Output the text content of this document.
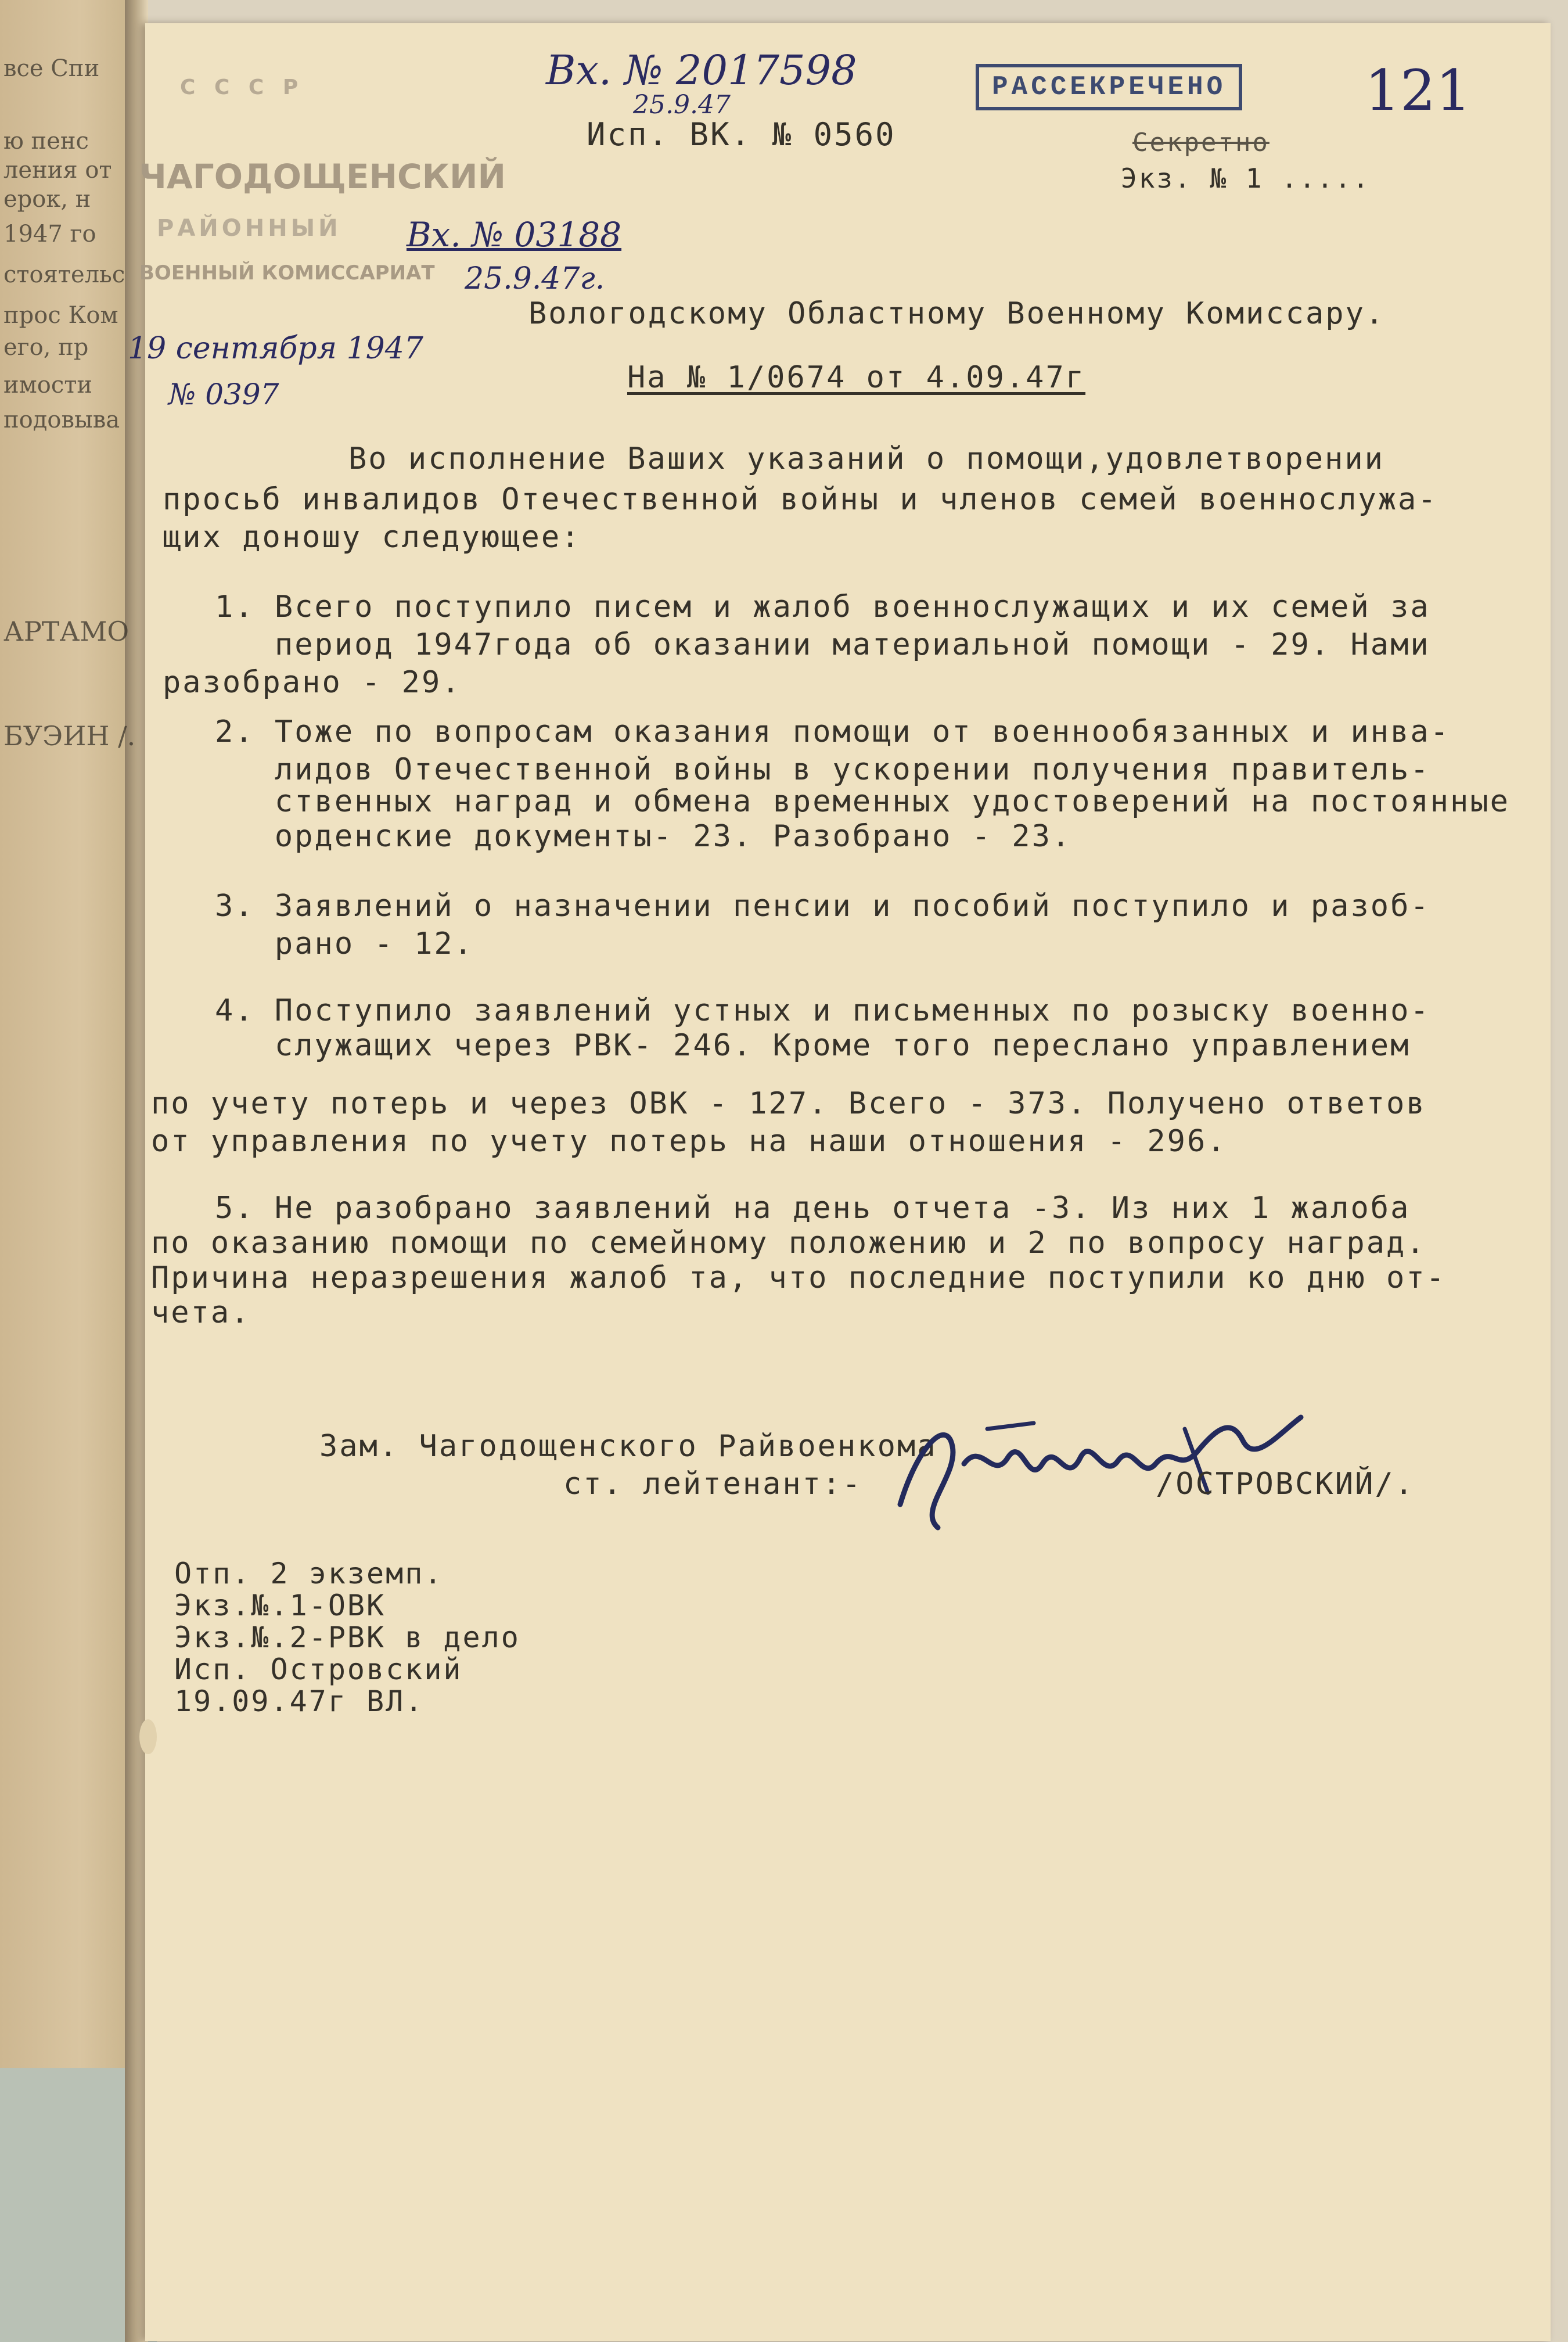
все Спи
ю пенс
ления от
ерок, н
1947 го
стоятельс
прос Ком
его, пр
имости
подовыва
АРТАМО
БУЭИН /.
С С С Р
ЧАГОДОЩЕНСКИЙ
РАЙОННЫЙ
ВОЕННЫЙ КОМИССАРИАТ
19 сентября 1947
№ 0397
Вх. № 2017598
Исп. ВК. № 0560
25.9.47
Вх. № 03188
25.9.47г.
РАССЕКРЕЧЕНО
Секретно
Экз. № 1 .....
121
Вологодскому Областному Военному Комиссару.
На № 1/0674 от 4.09.47г
Во исполнение Ваших указаний о помощи,удовлетворении
просьб инвалидов Отечественной войны и членов семей военнослужа-
щих доношу следующее:
1. Всего поступило писем и жалоб военнослужащих и их семей за
период 1947года об оказании материальной помощи - 29. Нами
разобрано - 29.
2. Тоже по вопросам оказания помощи от военнообязанных и инва-
лидов Отечественной войны в ускорении получения правитель-
ственных наград и обмена временных удостоверений на постоянные
орденские документы- 23. Разобрано - 23.
3. Заявлений о назначении пенсии и пособий поступило и разоб-
рано - 12.
4. Поступило заявлений устных и письменных по розыску военно-
служащих через РВК- 246. Кроме того переслано управлением
по учету потерь и через ОВК - 127. Всего - 373. Получено ответов
от управления по учету потерь на наши отношения - 296.
5. Не разобрано заявлений на день отчета -3. Из них 1 жалоба
по оказанию помощи по семейному положению и 2 по вопросу наград.
Причина неразрешения жалоб та, что последние поступили ко дню от-
чета.
Зам. Чагодощенского Райвоенкома
ст. лейтенант:-	/ОСТРОВСКИЙ/.
Отп. 2 экземп.
Экз.№.1-ОВК
Экз.№.2-РВК в дело
Исп. Островский
19.09.47г ВЛ.
